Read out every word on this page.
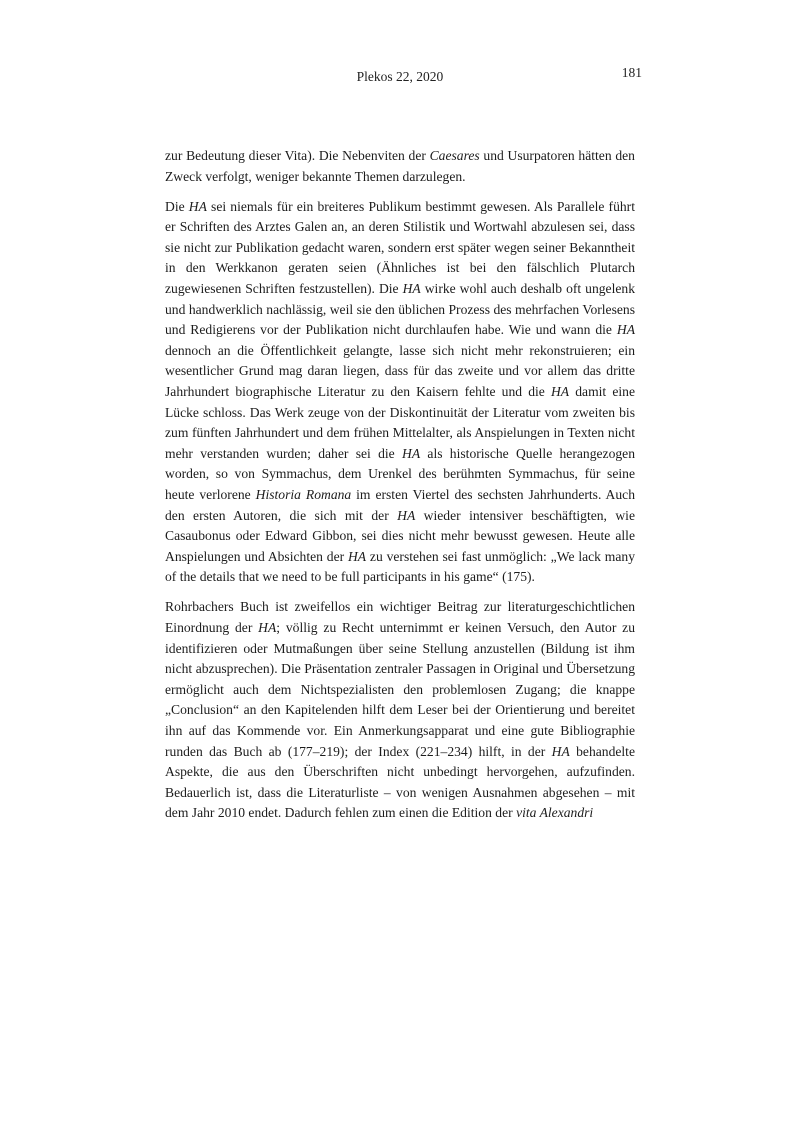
Plekos 22, 2020	181

zur Bedeutung dieser Vita). Die Nebenviten der Caesares und Usurpatoren hätten den Zweck verfolgt, weniger bekannte Themen darzulegen.

Die HA sei niemals für ein breiteres Publikum bestimmt gewesen. Als Parallele führt er Schriften des Arztes Galen an, an deren Stilistik und Wortwahl abzulesen sei, dass sie nicht zur Publikation gedacht waren, sondern erst später wegen seiner Bekanntheit in den Werkkanon geraten seien (Ähnliches ist bei den fälschlich Plutarch zugewiesenen Schriften festzustellen). Die HA wirke wohl auch deshalb oft ungelenk und handwerklich nachlässig, weil sie den üblichen Prozess des mehrfachen Vorlesens und Redigierens vor der Publikation nicht durchlaufen habe. Wie und wann die HA dennoch an die Öffentlichkeit gelangte, lasse sich nicht mehr rekonstruieren; ein wesentlicher Grund mag daran liegen, dass für das zweite und vor allem das dritte Jahrhundert biographische Literatur zu den Kaisern fehlte und die HA damit eine Lücke schloss. Das Werk zeuge von der Diskontinuität der Literatur vom zweiten bis zum fünften Jahrhundert und dem frühen Mittelalter, als Anspielungen in Texten nicht mehr verstanden wurden; daher sei die HA als historische Quelle herangezogen worden, so von Symmachus, dem Urenkel des berühmten Symmachus, für seine heute verlorene Historia Romana im ersten Viertel des sechsten Jahrhunderts. Auch den ersten Autoren, die sich mit der HA wieder intensiver beschäftigten, wie Casaubonus oder Edward Gibbon, sei dies nicht mehr bewusst gewesen. Heute alle Anspielungen und Absichten der HA zu verstehen sei fast unmöglich: „We lack many of the details that we need to be full participants in his game“ (175).

Rohrbachers Buch ist zweifellos ein wichtiger Beitrag zur literaturgeschichtlichen Einordnung der HA; völlig zu Recht unternimmt er keinen Versuch, den Autor zu identifizieren oder Mutmaßungen über seine Stellung anzustellen (Bildung ist ihm nicht abzusprechen). Die Präsentation zentraler Passagen in Original und Übersetzung ermöglicht auch dem Nichtspezialisten den problemlosen Zugang; die knappe „Conclusion“ an den Kapitelenden hilft dem Leser bei der Orientierung und bereitet ihn auf das Kommende vor. Ein Anmerkungsapparat und eine gute Bibliographie runden das Buch ab (177–219); der Index (221–234) hilft, in der HA behandelte Aspekte, die aus den Überschriften nicht unbedingt hervorgehen, aufzufinden. Bedauerlich ist, dass die Literaturliste – von wenigen Ausnahmen abgesehen – mit dem Jahr 2010 endet. Dadurch fehlen zum einen die Edition der vita Alexandri
